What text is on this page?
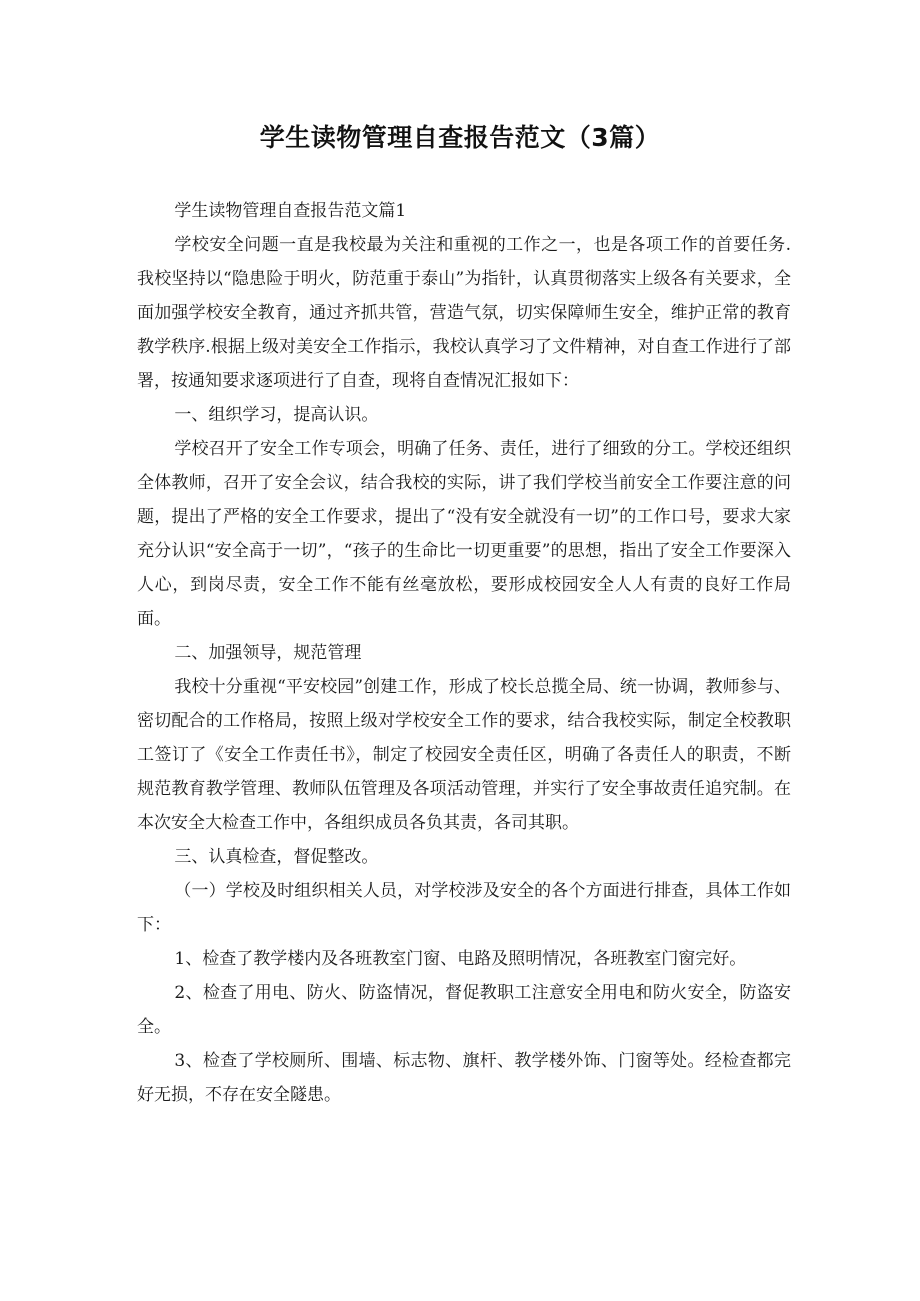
学生读物管理自查报告范文（3篇）

学生读物管理自查报告范文篇1

学校安全问题一直是我校最为关注和重视的工作之一，也是各项工作的首要任务.我校坚持以“隐患险于明火，防范重于泰山”为指针，认真贯彻落实上级各有关要求，全面加强学校安全教育，通过齐抓共管，营造气氛，切实保障师生安全，维护正常的教育教学秩序.根据上级对美安全工作指示，我校认真学习了文件精神，对自查工作进行了部署，按通知要求逐项进行了自查，现将自查情况汇报如下：

一、组织学习，提高认识。

学校召开了安全工作专项会，明确了任务、责任，进行了细致的分工。学校还组织全体教师，召开了安全会议，结合我校的实际，讲了我们学校当前安全工作要注意的问题，提出了严格的安全工作要求，提出了“没有安全就没有一切”的工作口号，要求大家充分认识“安全高于一切”，“孩子的生命比一切更重要”的思想，指出了安全工作要深入人心，到岗尽责，安全工作不能有丝毫放松，要形成校园安全人人有责的良好工作局面。

二、加强领导，规范管理

我校十分重视“平安校园”创建工作，形成了校长总揽全局、统一协调，教师参与、密切配合的工作格局，按照上级对学校安全工作的要求，结合我校实际，制定全校教职工签订了《安全工作责任书》，制定了校园安全责任区，明确了各责任人的职责，不断规范教育教学管理、教师队伍管理及各项活动管理，并实行了安全事故责任追究制。在本次安全大检查工作中，各组织成员各负其责，各司其职。

三、认真检查，督促整改。

（一）学校及时组织相关人员，对学校涉及安全的各个方面进行排查，具体工作如下：

1、检查了教学楼内及各班教室门窗、电路及照明情况，各班教室门窗完好。

2、检查了用电、防火、防盗情况，督促教职工注意安全用电和防火安全，防盗安全。

3、检查了学校厕所、围墙、标志物、旗杆、教学楼外饰、门窗等处。经检查都完好无损，不存在安全隧患。
